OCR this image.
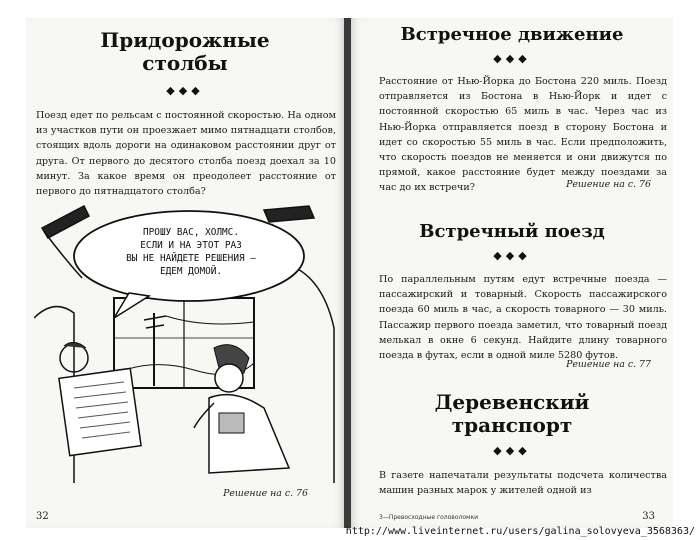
Придорожные
столбы
◆◆◆
Поезд едет по рельсам с постоянной скоростью. На одном из участков пути он проезжает мимо пятнадцати столбов, стоящих вдоль дороги на одинаковом расстоянии друг от друга. От первого до десятого столба поезд доехал за 10 минут. За какое время он преодолеет расстояние от первого до пятнадцатого столба?
ПРОШУ ВАС, ХОЛМС.
ЕСЛИ И НА ЭТОТ РАЗ
ВЫ НЕ НАЙДЕТЕ РЕШЕНИЯ —
ЕДЕМ ДОМОЙ.
Решение на с. 76
32
Встречное движение
◆◆◆
Расстояние от Нью-Йорка до Бостона 220 миль. Поезд отправляется из Бостона в Нью-Йорк и идет с постоянной скоростью 65 миль в час. Через час из Нью-Йорка отправляется поезд в сторону Бостона и идет со скоростью 55 миль в час. Если предположить, что скорость поездов не меняется и они движутся по прямой, какое расстояние будет между поездами за час до их встречи?	Решение на с. 76
Встречный поезд
◆◆◆
По параллельным путям едут встречные поезда — пассажирский и товарный. Скорость пассажирского поезда 60 миль в час, а скорость товарного — 30 миль. Пассажир первого поезда заметил, что товарный поезд мелькал в окне 6 секунд. Найдите длину товарного поезда в футах, если в одной миле 5280 футов.
Решение на с. 77
Деревенский
транспорт
◆◆◆
В газете напечатали результаты подсчета количества машин разных марок у жителей одной из
3—Превосходные головоломки	33
http://www.liveinternet.ru/users/galina_solovyeva_3568363/
